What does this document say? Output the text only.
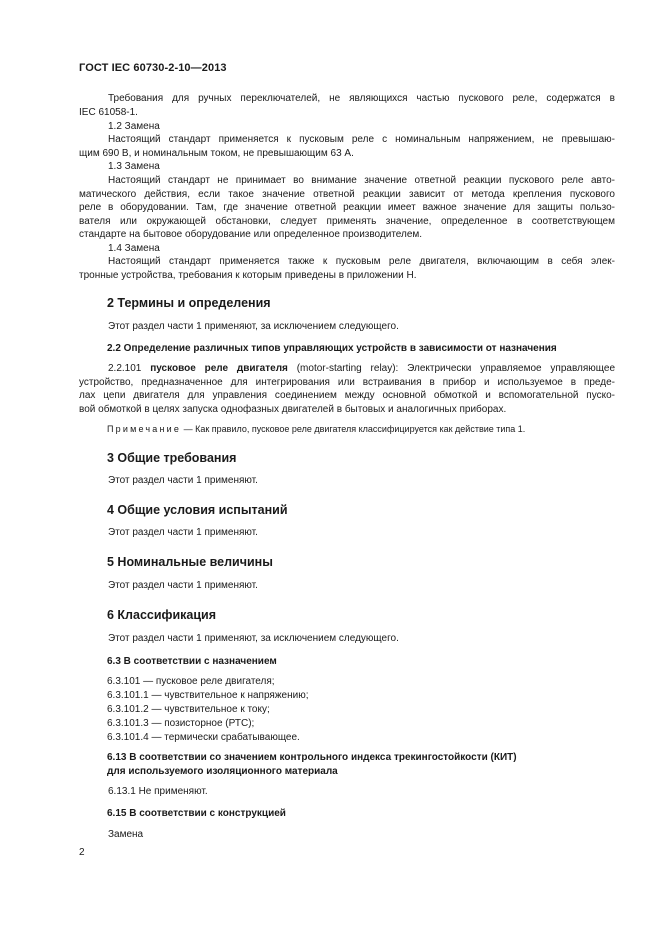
ГОСТ IEC 60730-2-10—2013

Требования для ручных переключателей, не являющихся частью пускового реле, содержатся в

IEC 61058-1.

1.2 Замена

Настоящий стандарт применяется к пусковым реле с номинальным напряжением, не превышаю-

щим 690 В, и номинальным током, не превышающим 63 А.

1.3 Замена

Настоящий стандарт не принимает во внимание значение ответной реакции пускового реле авто-

матического действия, если такое значение ответной реакции зависит от метода крепления пускового

реле в оборудовании. Там, где значение ответной реакции имеет важное значение для защиты пользо-

вателя или окружающей обстановки, следует применять значение, определенное в соответствующем

стандарте на бытовое оборудование или определенное производителем.

1.4 Замена

Настоящий стандарт применяется также к пусковым реле двигателя, включающим в себя элек-

тронные устройства, требования к которым приведены в приложении Н.

2 Термины и определения

Этот раздел части 1 применяют, за исключением следующего.

2.2 Определение различных типов управляющих устройств в зависимости от назначения

2.2.101 пусковое реле двигателя (motor-starting relay): Электрически управляемое управляющее

устройство, предназначенное для интегрирования или встраивания в прибор и используемое в преде-

лах цепи двигателя для управления соединением между основной обмоткой и вспомогательной пуско-

вой обмоткой в целях запуска однофазных двигателей в бытовых и аналогичных приборах.

Примечание — Как правило, пусковое реле двигателя классифицируется как действие типа 1.

3 Общие требования

Этот раздел части 1 применяют.

4 Общие условия испытаний

Этот раздел части 1 применяют.

5 Номинальные величины

Этот раздел части 1 применяют.

6 Классификация

Этот раздел части 1 применяют, за исключением следующего.

6.3 В соответствии с назначением
6.3.101 — пусковое реле двигателя;
6.3.101.1 — чувствительное к напряжению;
6.3.101.2 — чувствительное к току;
6.3.101.3 — позисторное (РТС);
6.3.101.4 — термически срабатывающее.
6.13 В соответствии со значением контрольного индекса трекингостойкости (КИТ)
для используемого изоляционного материала

6.13.1 Не применяют.

6.15 В соответствии с конструкцией

Замена

2
